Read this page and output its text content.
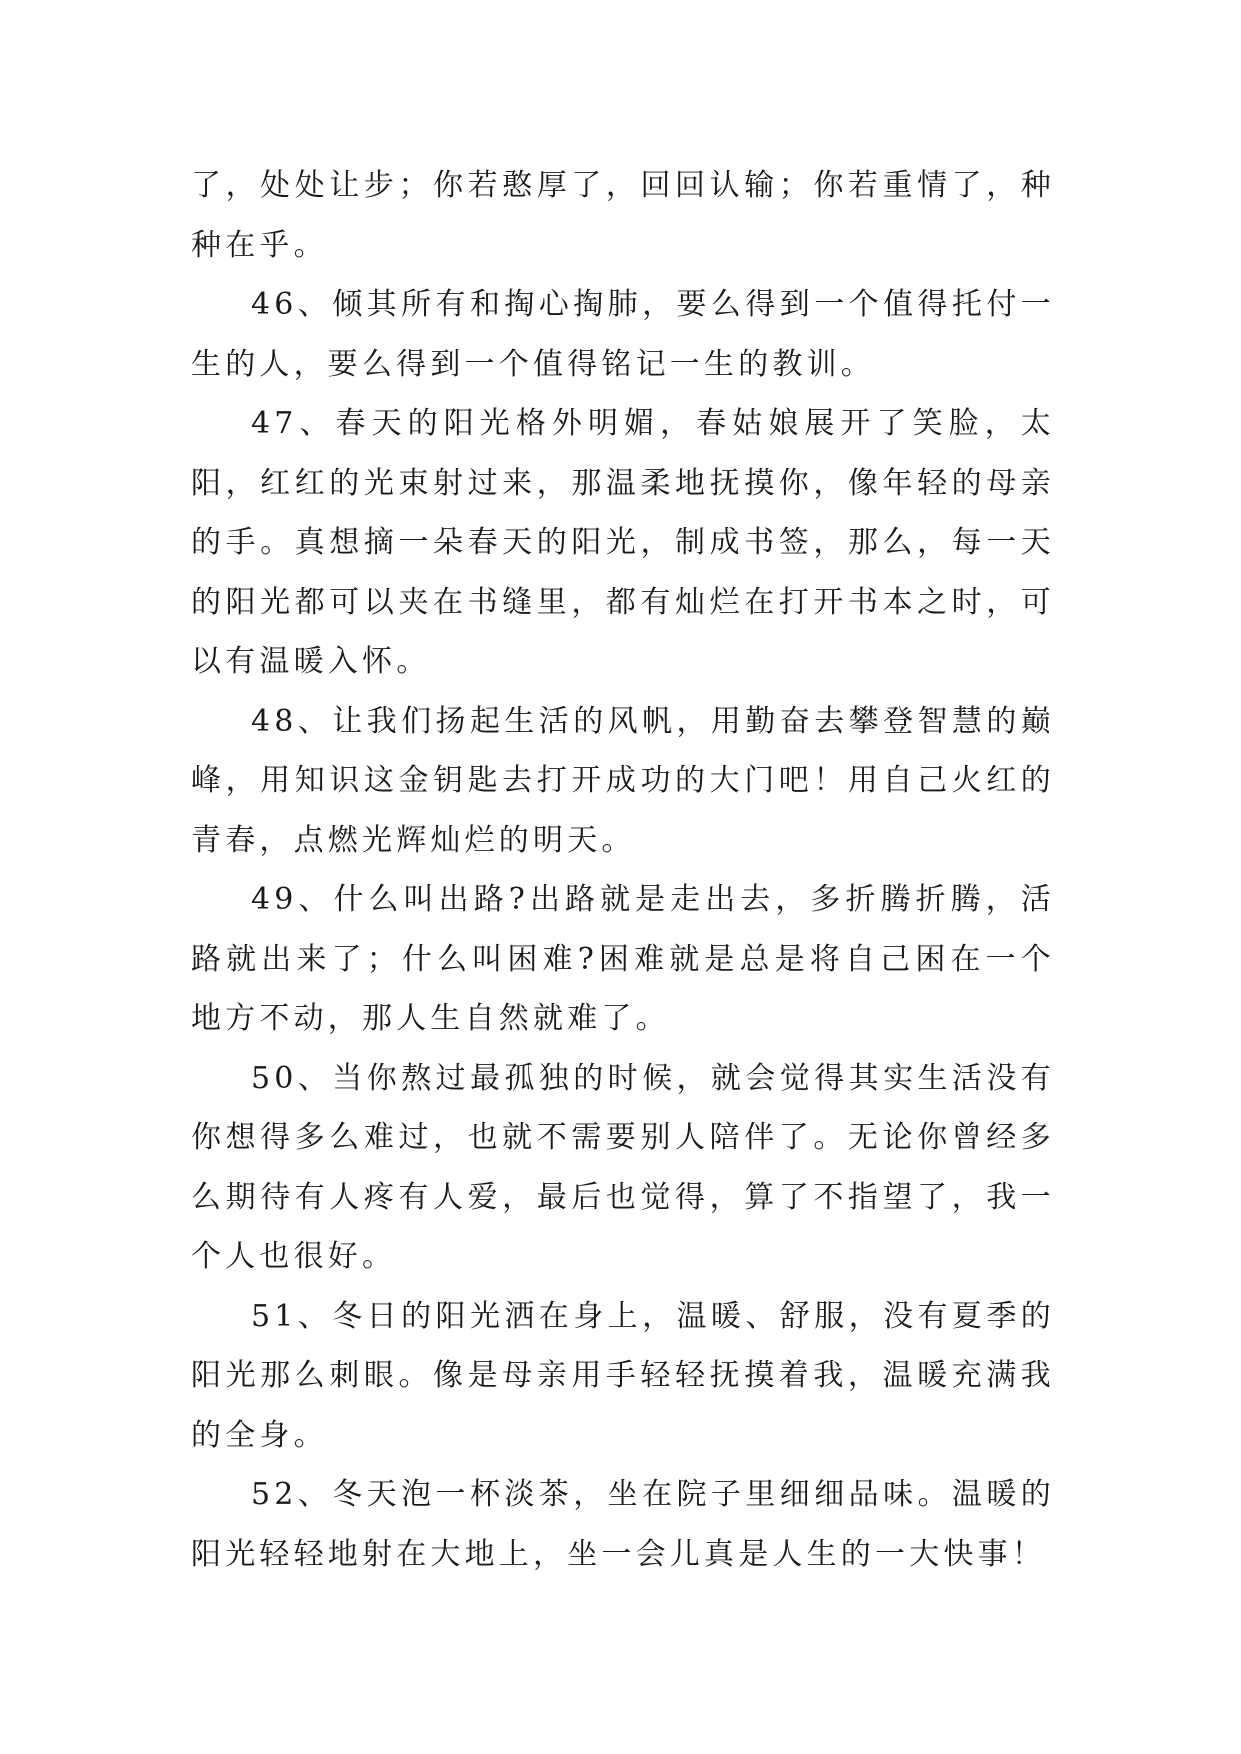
了，处处让步；你若憨厚了，回回认输；你若重情了，种种在乎。

46、倾其所有和掏心掏肺，要么得到一个值得托付一生的人，要么得到一个值得铭记一生的教训。

47、春天的阳光格外明媚，春姑娘展开了笑脸，太阳，红红的光束射过来，那温柔地抚摸你，像年轻的母亲的手。真想摘一朵春天的阳光，制成书签，那么，每一天的阳光都可以夹在书缝里，都有灿烂在打开书本之时，可以有温暖入怀。

48、让我们扬起生活的风帆，用勤奋去攀登智慧的巅峰，用知识这金钥匙去打开成功的大门吧！用自己火红的青春，点燃光辉灿烂的明天。

49、什么叫出路?出路就是走出去，多折腾折腾，活路就出来了；什么叫困难?困难就是总是将自己困在一个地方不动，那人生自然就难了。

50、当你熬过最孤独的时候，就会觉得其实生活没有你想得多么难过，也就不需要别人陪伴了。无论你曾经多么期待有人疼有人爱，最后也觉得，算了不指望了，我一个人也很好。

51、冬日的阳光洒在身上，温暖、舒服，没有夏季的阳光那么刺眼。像是母亲用手轻轻抚摸着我，温暖充满我的全身。

52、冬天泡一杯淡茶，坐在院子里细细品味。温暖的阳光轻轻地射在大地上，坐一会儿真是人生的一大快事！
